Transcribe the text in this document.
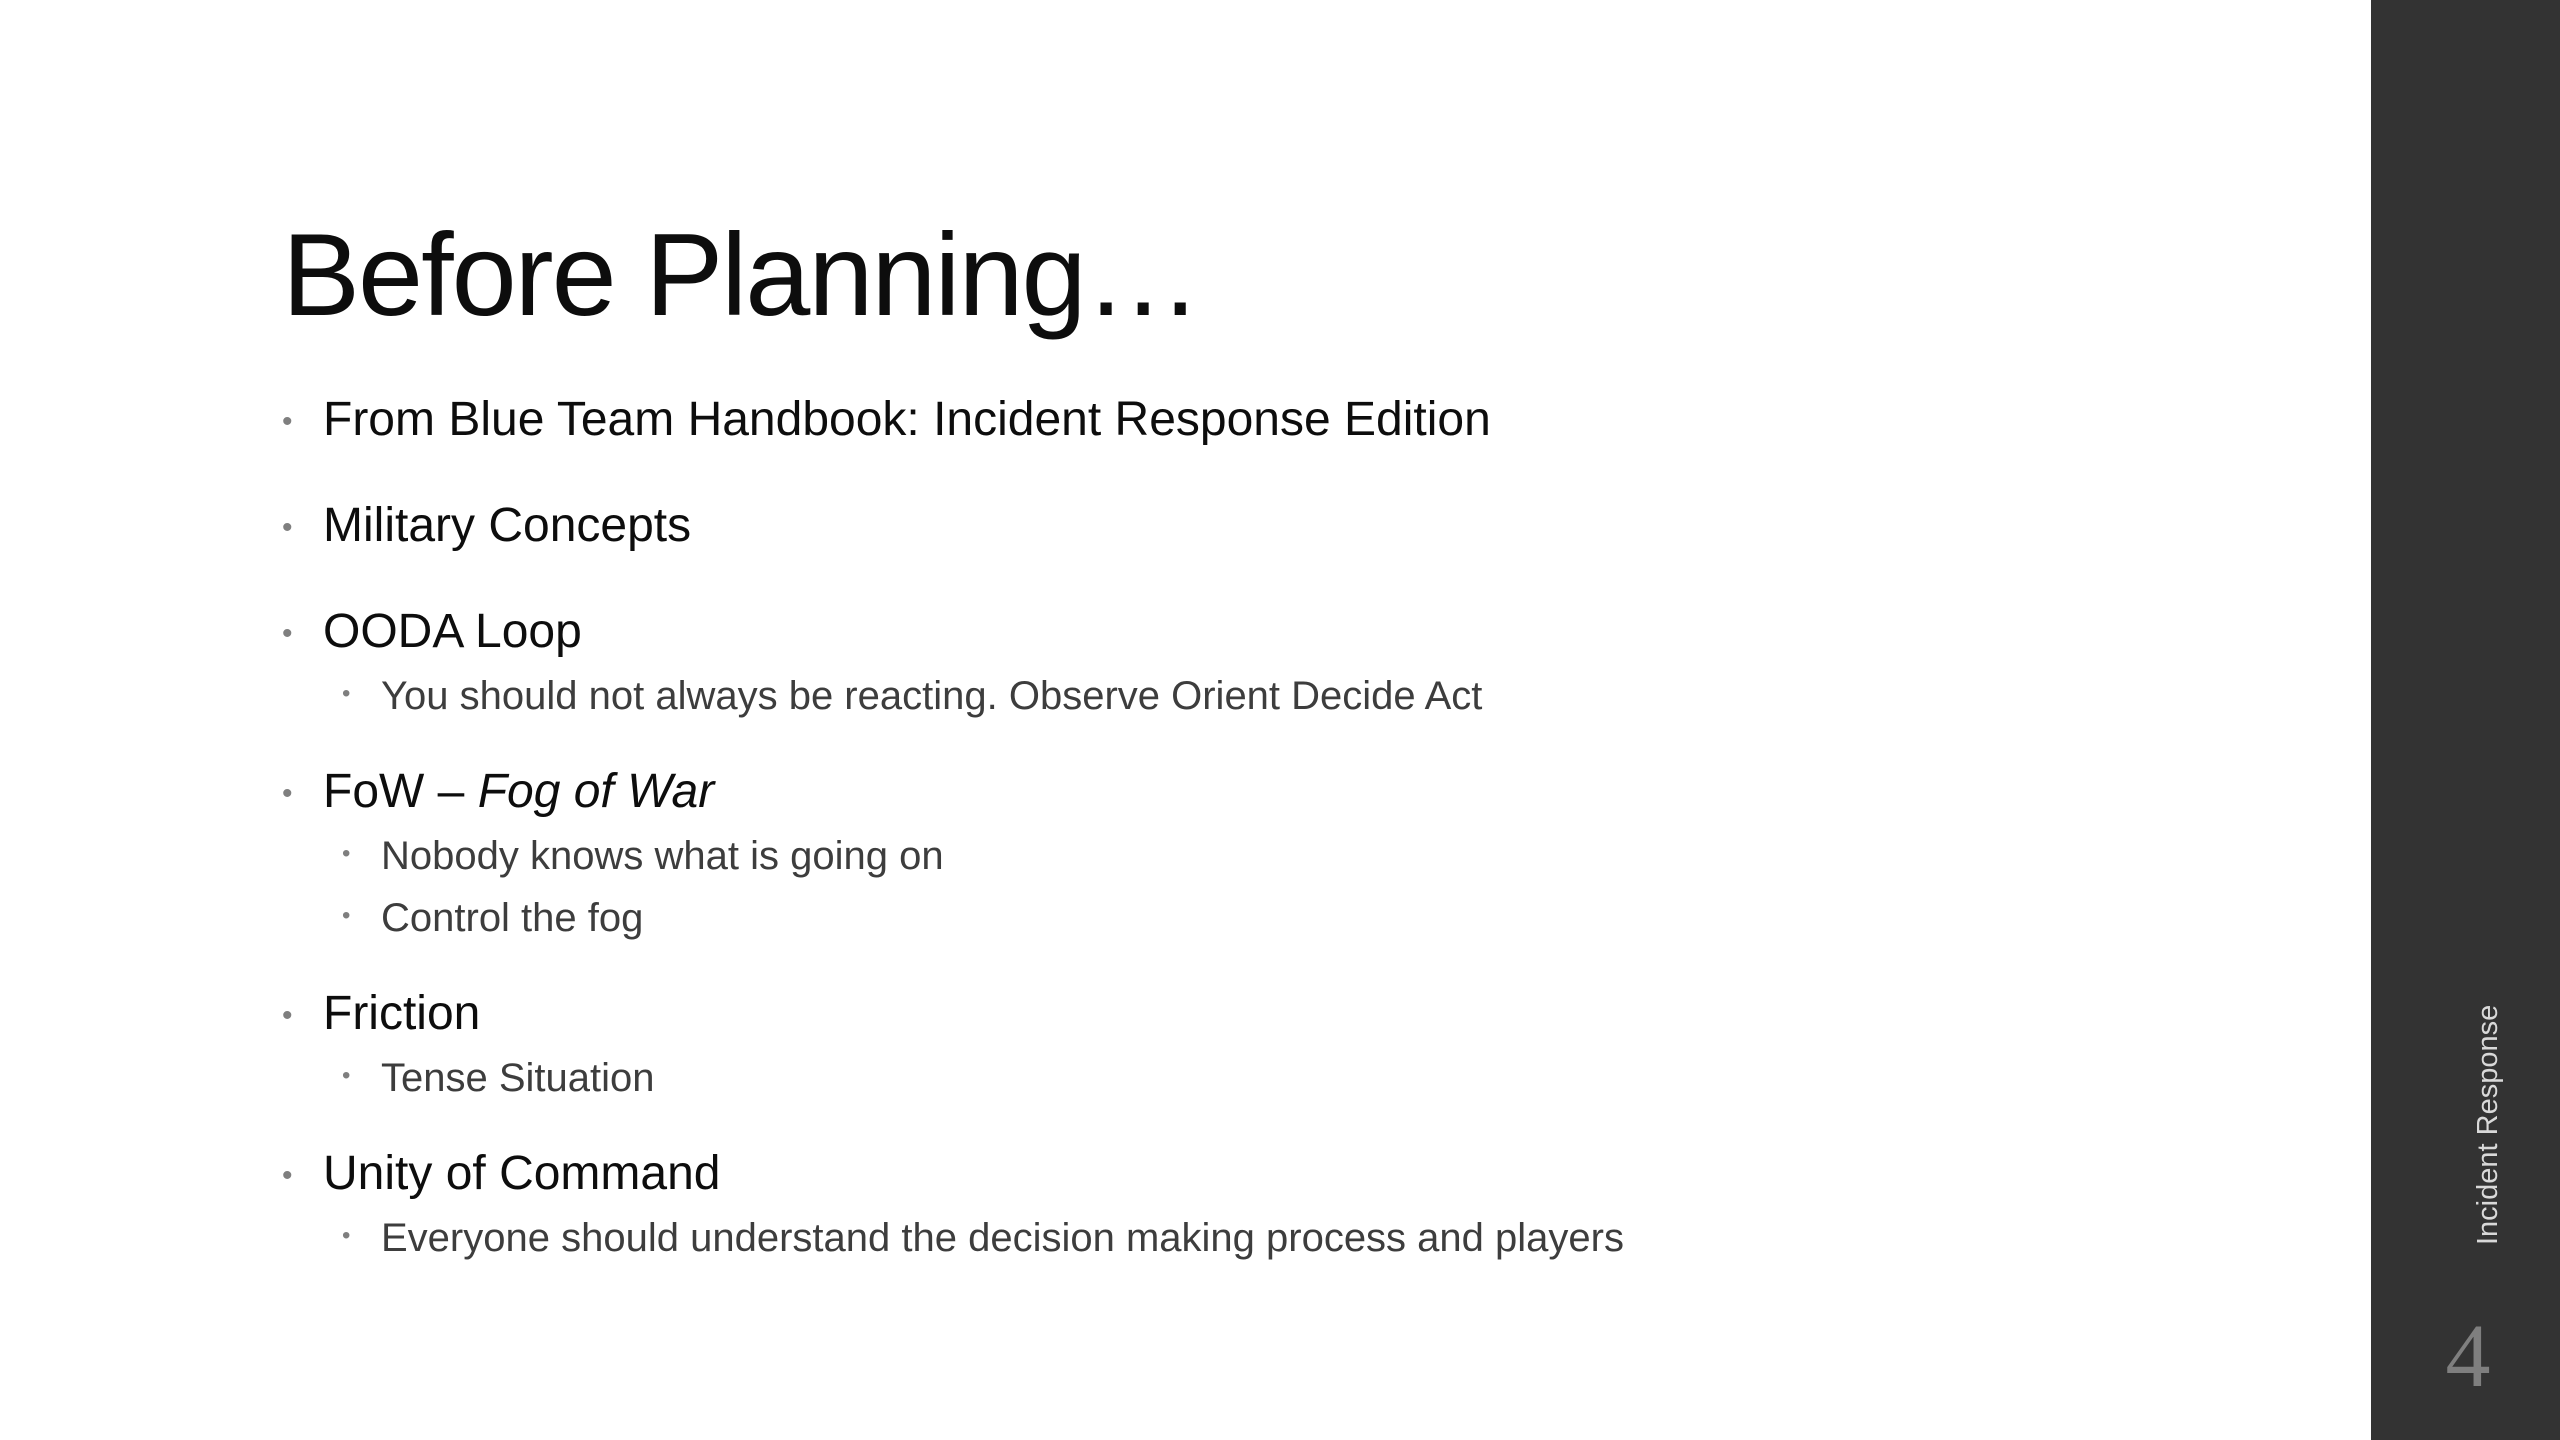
Before Planning…
• From Blue Team Handbook: Incident Response Edition
• Military Concepts
• OODA Loop
• You should not always be reacting. Observe Orient Decide Act
• FoW – Fog of War
• Nobody knows what is going on
• Control the fog
• Friction
• Tense Situation
• Unity of Command
• Everyone should understand the decision making process and players	Incident Response
4
